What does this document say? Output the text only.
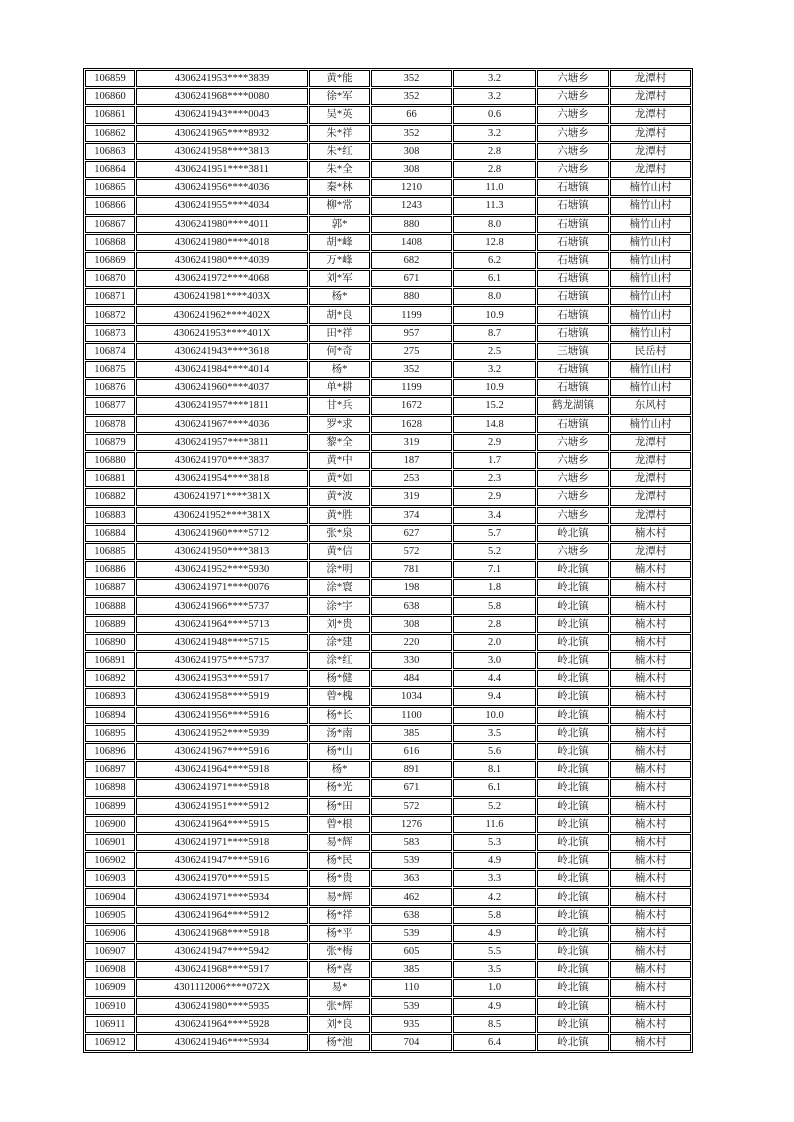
106859	4306241953****3839	黄*能	352	3.2	六塘乡	龙潭村
106860	4306241968****0080	徐*军	352	3.2	六塘乡	龙潭村
106861	4306241943****0043	吴*英	66	0.6	六塘乡	龙潭村
106862	4306241965****8932	朱*祥	352	3.2	六塘乡	龙潭村
106863	4306241958****3813	朱*红	308	2.8	六塘乡	龙潭村
106864	4306241951****3811	朱*全	308	2.8	六塘乡	龙潭村
106865	4306241956****4036	秦*林	1210	11.0	石塘镇	楠竹山村
106866	4306241955****4034	柳*常	1243	11.3	石塘镇	楠竹山村
106867	4306241980****4011	郭*	880	8.0	石塘镇	楠竹山村
106868	4306241980****4018	胡*峰	1408	12.8	石塘镇	楠竹山村
106869	4306241980****4039	万*峰	682	6.2	石塘镇	楠竹山村
106870	4306241972****4068	刘*军	671	6.1	石塘镇	楠竹山村
106871	4306241981****403X	杨*	880	8.0	石塘镇	楠竹山村
106872	4306241962****402X	胡*良	1199	10.9	石塘镇	楠竹山村
106873	4306241953****401X	田*祥	957	8.7	石塘镇	楠竹山村
106874	4306241943****3618	何*奇	275	2.5	三塘镇	民岳村
106875	4306241984****4014	杨*	352	3.2	石塘镇	楠竹山村
106876	4306241960****4037	单*耕	1199	10.9	石塘镇	楠竹山村
106877	4306241957****1811	甘*兵	1672	15.2	鹤龙湖镇	东风村
106878	4306241967****4036	罗*求	1628	14.8	石塘镇	楠竹山村
106879	4306241957****3811	黎*全	319	2.9	六塘乡	龙潭村
106880	4306241970****3837	黄*中	187	1.7	六塘乡	龙潭村
106881	4306241954****3818	黄*如	253	2.3	六塘乡	龙潭村
106882	4306241971****381X	黄*波	319	2.9	六塘乡	龙潭村
106883	4306241952****381X	黄*胜	374	3.4	六塘乡	龙潭村
106884	4306241960****5712	张*泉	627	5.7	岭北镇	楠木村
106885	4306241950****3813	黄*信	572	5.2	六塘乡	龙潭村
106886	4306241952****5930	涂*明	781	7.1	岭北镇	楠木村
106887	4306241971****0076	涂*寰	198	1.8	岭北镇	楠木村
106888	4306241966****5737	涂*宇	638	5.8	岭北镇	楠木村
106889	4306241964****5713	刘*贵	308	2.8	岭北镇	楠木村
106890	4306241948****5715	涂*建	220	2.0	岭北镇	楠木村
106891	4306241975****5737	涂*红	330	3.0	岭北镇	楠木村
106892	4306241953****5917	杨*健	484	4.4	岭北镇	楠木村
106893	4306241958****5919	曾*槐	1034	9.4	岭北镇	楠木村
106894	4306241956****5916	杨*长	1100	10.0	岭北镇	楠木村
106895	4306241952****5939	汤*南	385	3.5	岭北镇	楠木村
106896	4306241967****5916	杨*山	616	5.6	岭北镇	楠木村
106897	4306241964****5918	杨*	891	8.1	岭北镇	楠木村
106898	4306241971****5918	杨*光	671	6.1	岭北镇	楠木村
106899	4306241951****5912	杨*田	572	5.2	岭北镇	楠木村
106900	4306241964****5915	曾*根	1276	11.6	岭北镇	楠木村
106901	4306241971****5918	易*辉	583	5.3	岭北镇	楠木村
106902	4306241947****5916	杨*民	539	4.9	岭北镇	楠木村
106903	4306241970****5915	杨*贵	363	3.3	岭北镇	楠木村
106904	4306241971****5934	易*辉	462	4.2	岭北镇	楠木村
106905	4306241964****5912	杨*祥	638	5.8	岭北镇	楠木村
106906	4306241968****5918	杨*平	539	4.9	岭北镇	楠木村
106907	4306241947****5942	张*梅	605	5.5	岭北镇	楠木村
106908	4306241968****5917	杨*喜	385	3.5	岭北镇	楠木村
106909	4301112006****072X	易*	110	1.0	岭北镇	楠木村
106910	4306241980****5935	张*辉	539	4.9	岭北镇	楠木村
106911	4306241964****5928	刘*良	935	8.5	岭北镇	楠木村
106912	4306241946****5934	杨*池	704	6.4	岭北镇	楠木村
